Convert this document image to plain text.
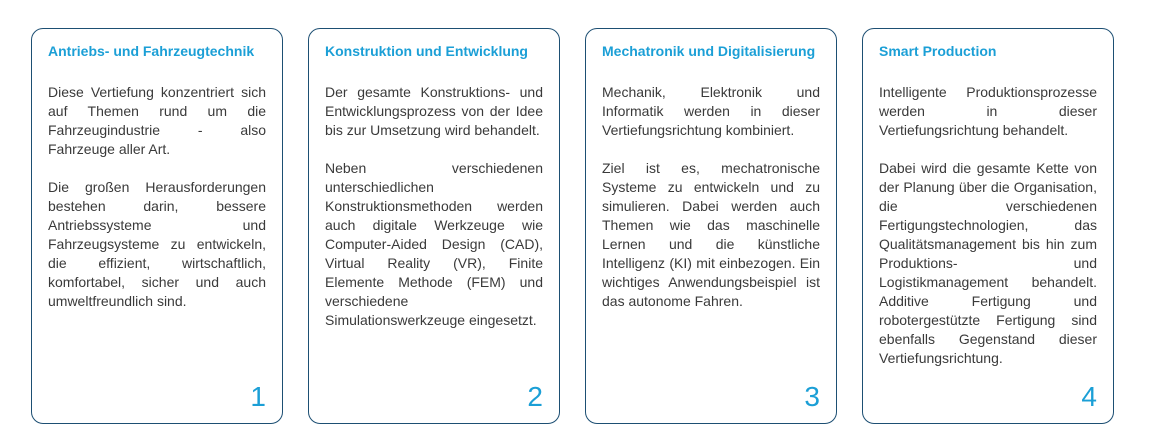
Antriebs- und Fahrzeugtechnik

Diese Vertiefung konzentriert sich auf Themen rund um die Fahrzeugindustrie - also Fahrzeuge aller Art.

Die großen Herausforderungen bestehen darin, bessere Antriebssysteme und Fahrzeugsysteme zu entwickeln, die effizient, wirtschaftlich, komfortabel, sicher und auch umweltfreundlich sind.

1
Konstruktion und Entwicklung

Der gesamte Konstruktions- und Entwicklungsprozess von der Idee bis zur Umsetzung wird behandelt.

Neben verschiedenen unterschiedlichen Konstruktionsmethoden werden auch digitale Werkzeuge wie Computer-Aided Design (CAD), Virtual Reality (VR), Finite Elemente Methode (FEM) und verschiedene Simulationswerkzeuge eingesetzt.

2
Mechatronik und Digitalisierung

Mechanik, Elektronik und Informatik werden in dieser Vertiefungsrichtung kombiniert.

Ziel ist es, mechatronische Systeme zu entwickeln und zu simulieren. Dabei werden auch Themen wie das maschinelle Lernen und die künstliche Intelligenz (KI) mit einbezogen. Ein wichtiges Anwendungsbeispiel ist das autonome Fahren.

3
Smart Production

Intelligente Produktionsprozesse werden in dieser Vertiefungsrichtung behandelt.

Dabei wird die gesamte Kette von der Planung über die Organisation, die verschiedenen Fertigungstechnologien, das Qualitätsmanagement bis hin zum Produktions- und Logistikmanagement behandelt. Additive Fertigung und robotergestützte Fertigung sind ebenfalls Gegenstand dieser Vertiefungsrichtung.

4
